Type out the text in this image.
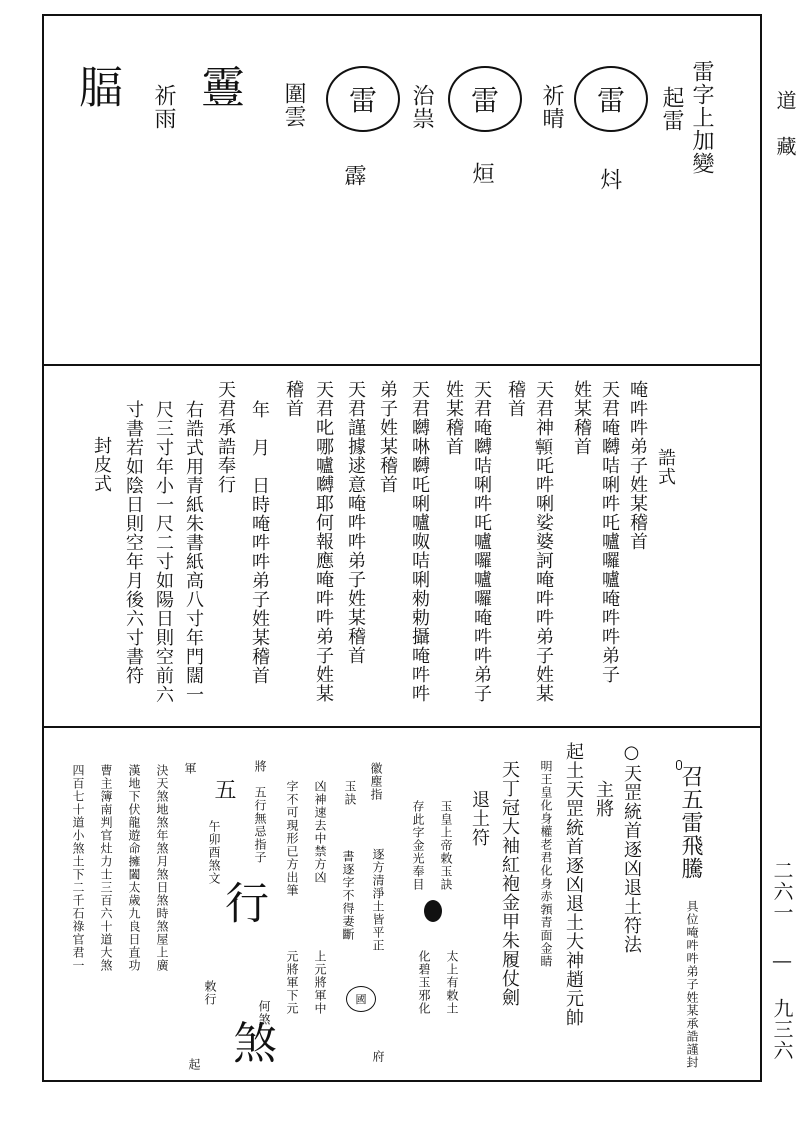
道 藏
二六一 — 九三六
雷字上加變
起雷
雷
祈晴
炓
雷
治祟
烜
雷
圍雲
霹
霻
祈雨
腷
誥式
唵吽吽弟子姓某稽首
天君唵嚩咭唎吽吒嚧囉嚧唵吽吽弟子
姓某稽首
天君神𩕳吒吽唎娑婆訶唵吽吽弟子姓某
稽首
天君唵嚩咭唎吽吒嚧囉嚧囉唵吽吽弟子
姓某稽首
天君嚩啉嚩吒唎嚧呶咭唎勑勅攝唵吽吽
弟子姓某稽首
天君謹據逑意唵吽吽弟子姓某稽首
天君叱哪嚧嚩耶何報應唵吽吽弟子姓某
稽首
年　月　日時唵吽吽弟子姓某稽首
天君承誥奉行
右誥式用青紙朱書紙高八寸年門闊一
尺三寸年小一尺二寸如陽日則空前六
寸書若如陰日則空年月後六寸書符
封皮式
○天罡統首逐凶退土符法
主將
起土天罡統首逐凶退土大神趙元帥
明王皇化身權老君化身赤𩓐青面金睛
天丁冠大袖紅袍金甲朱履仗劍
退土符	召五雷飛騰
具位唵吽吽弟子姓某承誥謹封
玉皇上帝敕玉訣
存此字金光奉目
太上有敕土
化碧玉邪化
徽塵指
玉訣
逐方清淨土皆平正
書逐字不得妻斷
凶神速去中禁方凶
字不可現形已方出筆
上元將軍中
元將軍下元	國
府
將　五行無忌指子
何煞
五
午卯酉煞文
行
敕行
煞
起
軍
決天煞地煞年煞月煞日煞時煞屋上廣
漢地下伏龍遊命擁闔太歲九良日直功
曹主簿南判官灶力士三百六十道大煞
四百七十道小煞土下二千石祿官君一
